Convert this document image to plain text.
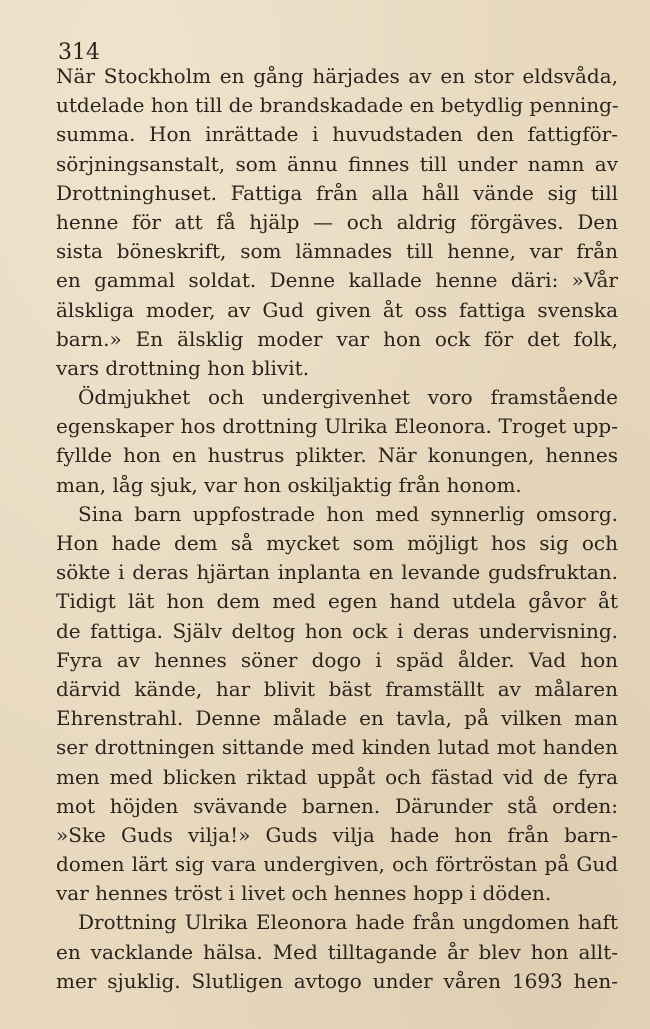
314
När Stockholm en gång härjades av en stor eldsvåda,
utdelade hon till de brandskadade en betydlig penning-
summa. Hon inrättade i huvudstaden den fattigför-
sörjningsanstalt, som ännu finnes till under namn av
Drottninghuset. Fattiga från alla håll vände sig till
henne för att få hjälp — och aldrig förgäves. Den
sista böneskrift, som lämnades till henne, var från
en gammal soldat. Denne kallade henne däri: »Vår
älskliga moder, av Gud given åt oss fattiga svenska
barn.» En älsklig moder var hon ock för det folk,
vars drottning hon blivit.
Ödmjukhet och undergivenhet voro framstående
egenskaper hos drottning Ulrika Eleonora. Troget upp-
fyllde hon en hustrus plikter. När konungen, hennes
man, låg sjuk, var hon oskiljaktig från honom.
Sina barn uppfostrade hon med synnerlig omsorg.
Hon hade dem så mycket som möjligt hos sig och
sökte i deras hjärtan inplanta en levande gudsfruktan.
Tidigt lät hon dem med egen hand utdela gåvor åt
de fattiga. Själv deltog hon ock i deras undervisning.
Fyra av hennes söner dogo i späd ålder. Vad hon
därvid kände, har blivit bäst framställt av målaren
Ehrenstrahl. Denne målade en tavla, på vilken man
ser drottningen sittande med kinden lutad mot handen
men med blicken riktad uppåt och fästad vid de fyra
mot höjden svävande barnen. Därunder stå orden:
»Ske Guds vilja!» Guds vilja hade hon från barn-
domen lärt sig vara undergiven, och förtröstan på Gud
var hennes tröst i livet och hennes hopp i döden.
Drottning Ulrika Eleonora hade från ungdomen haft
en vacklande hälsa. Med tilltagande år blev hon allt-
mer sjuklig. Slutligen avtogo under våren 1693 hen-
